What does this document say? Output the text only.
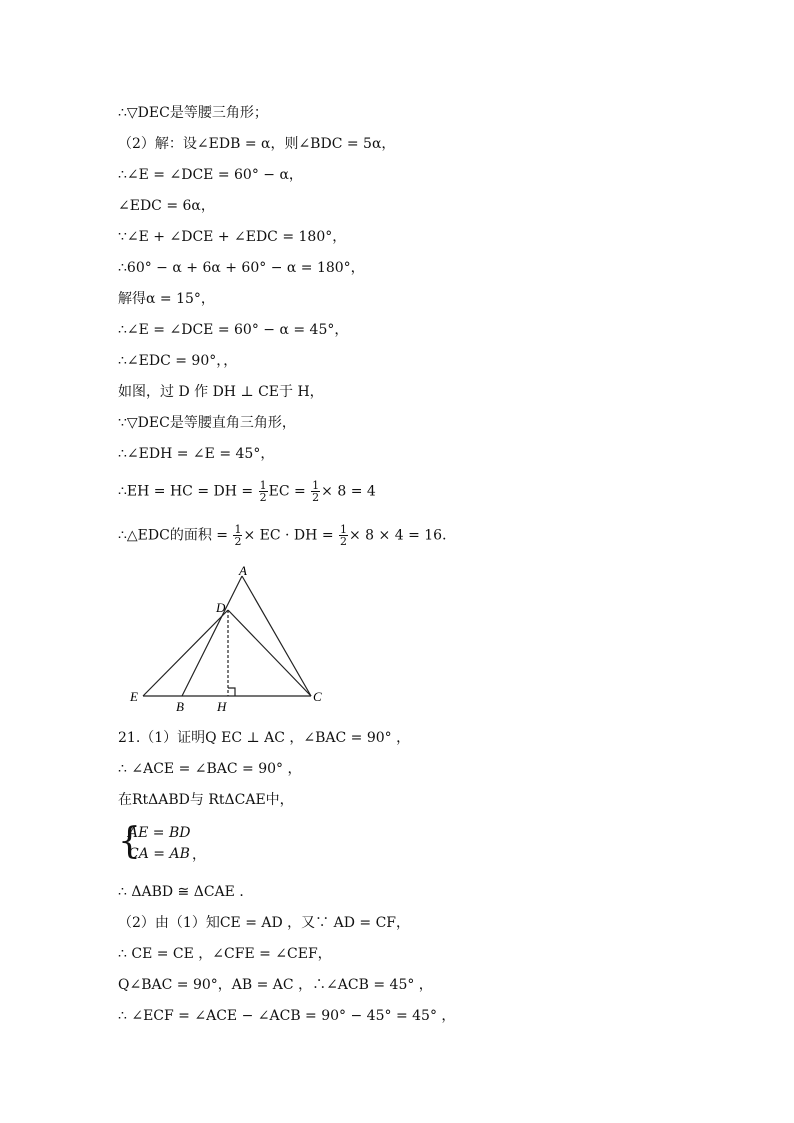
∴▽DEC是等腰三角形；
（2）解：设∠EDB = α，则∠BDC = 5α，
∴∠E = ∠DCE = 60° − α，
∠EDC = 6α，
∵∠E + ∠DCE + ∠EDC = 180°，
∴60° − α + 6α + 60° − α = 180°，
解得α = 15°，
∴∠E = ∠DCE = 60° − α = 45°，
∴∠EDC = 90°，，
如图，过 D 作 DH ⊥ CE于 H，
∵▽DEC是等腰直角三角形，
∴∠EDH = ∠E = 45°，
∴EH = HC = DH = $\frac{1}{2}$ EC = $\frac{1}{2} \times 8 = 4$
∴△EDC的面积 = $\frac{1}{2}$ × EC · DH = $\frac{1}{2} \times 8 \times 4 = 16$．
A
D
E
B	H
C
21.（1）证明Q EC ⊥ AC ，∠BAC = 90° ，
∴ ∠ACE = ∠BAC = 90° ，
在RtΔABD与 RtΔCAE中，
{
AE = BD
CA = AB ，
∴ ΔABD ≅ ΔCAE ．
（2）由（1）知CE = AD ，又∵ AD = CF，
∴ CE = CE ，∠CFE = ∠CEF，
Q∠BAC = 90°，AB = AC ，∴∠ACB = 45° ，
∴ ∠ECF = ∠ACE − ∠ACB = 90° − 45° = 45° ，
